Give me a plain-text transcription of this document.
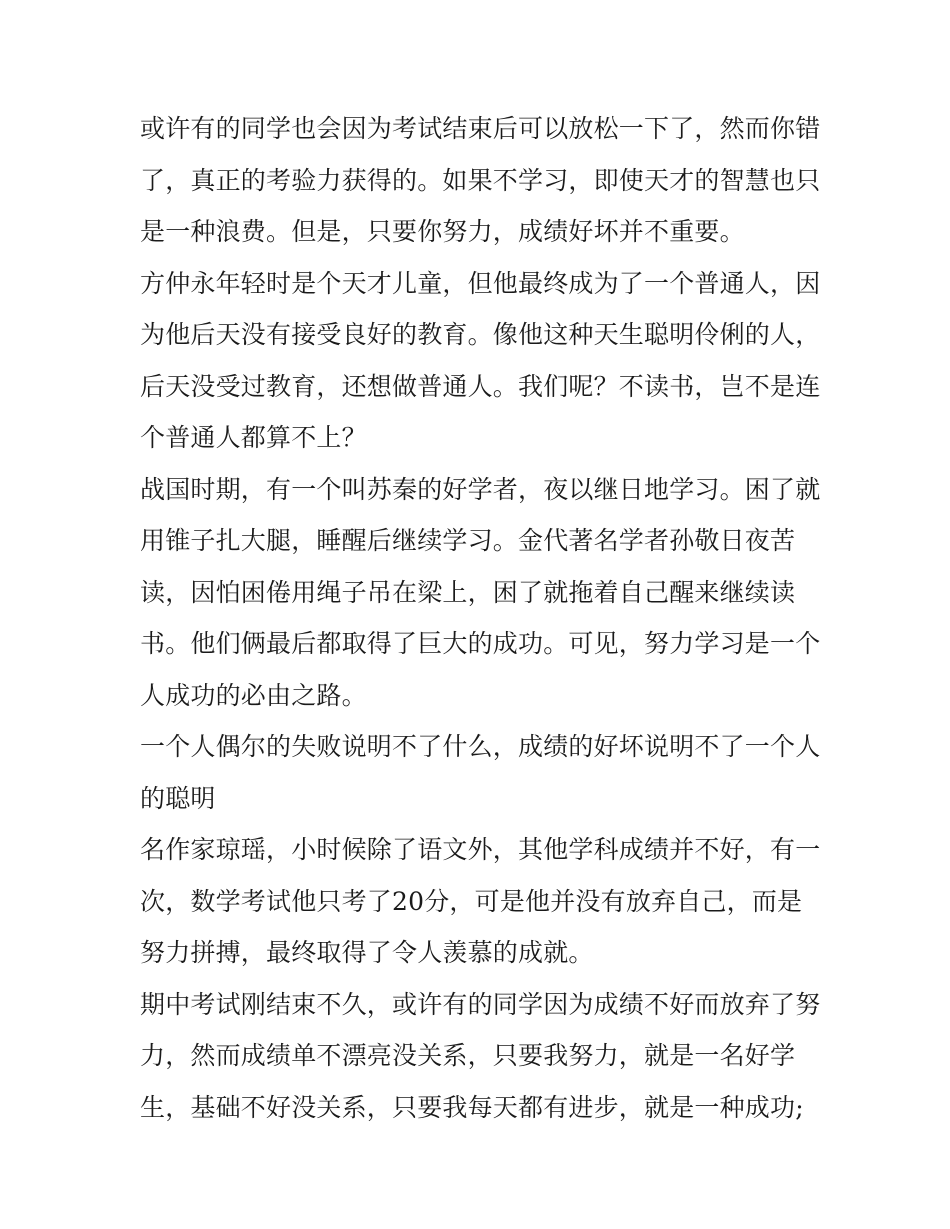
或许有的同学也会因为考试结束后可以放松一下了，然而你错
了，真正的考验力获得的。如果不学习，即使天才的智慧也只
是一种浪费。但是，只要你努力，成绩好坏并不重要。

方仲永年轻时是个天才儿童，但他最终成为了一个普通人，因
为他后天没有接受良好的教育。像他这种天生聪明伶俐的人，
后天没受过教育，还想做普通人。我们呢？不读书，岂不是连
个普通人都算不上？

战国时期，有一个叫苏秦的好学者，夜以继日地学习。困了就
用锥子扎大腿，睡醒后继续学习。金代著名学者孙敬日夜苦
读，因怕困倦用绳子吊在梁上，困了就拖着自己醒来继续读
书。他们俩最后都取得了巨大的成功。可见，努力学习是一个
人成功的必由之路。

一个人偶尔的失败说明不了什么，成绩的好坏说明不了一个人
的聪明

名作家琼瑶，小时候除了语文外，其他学科成绩并不好，有一
次，数学考试他只考了20分，可是他并没有放弃自己，而是
努力拼搏，最终取得了令人羡慕的成就。

期中考试刚结束不久，或许有的同学因为成绩不好而放弃了努
力，然而成绩单不漂亮没关系，只要我努力，就是一名好学
生，基础不好没关系，只要我每天都有进步，就是一种成功;
